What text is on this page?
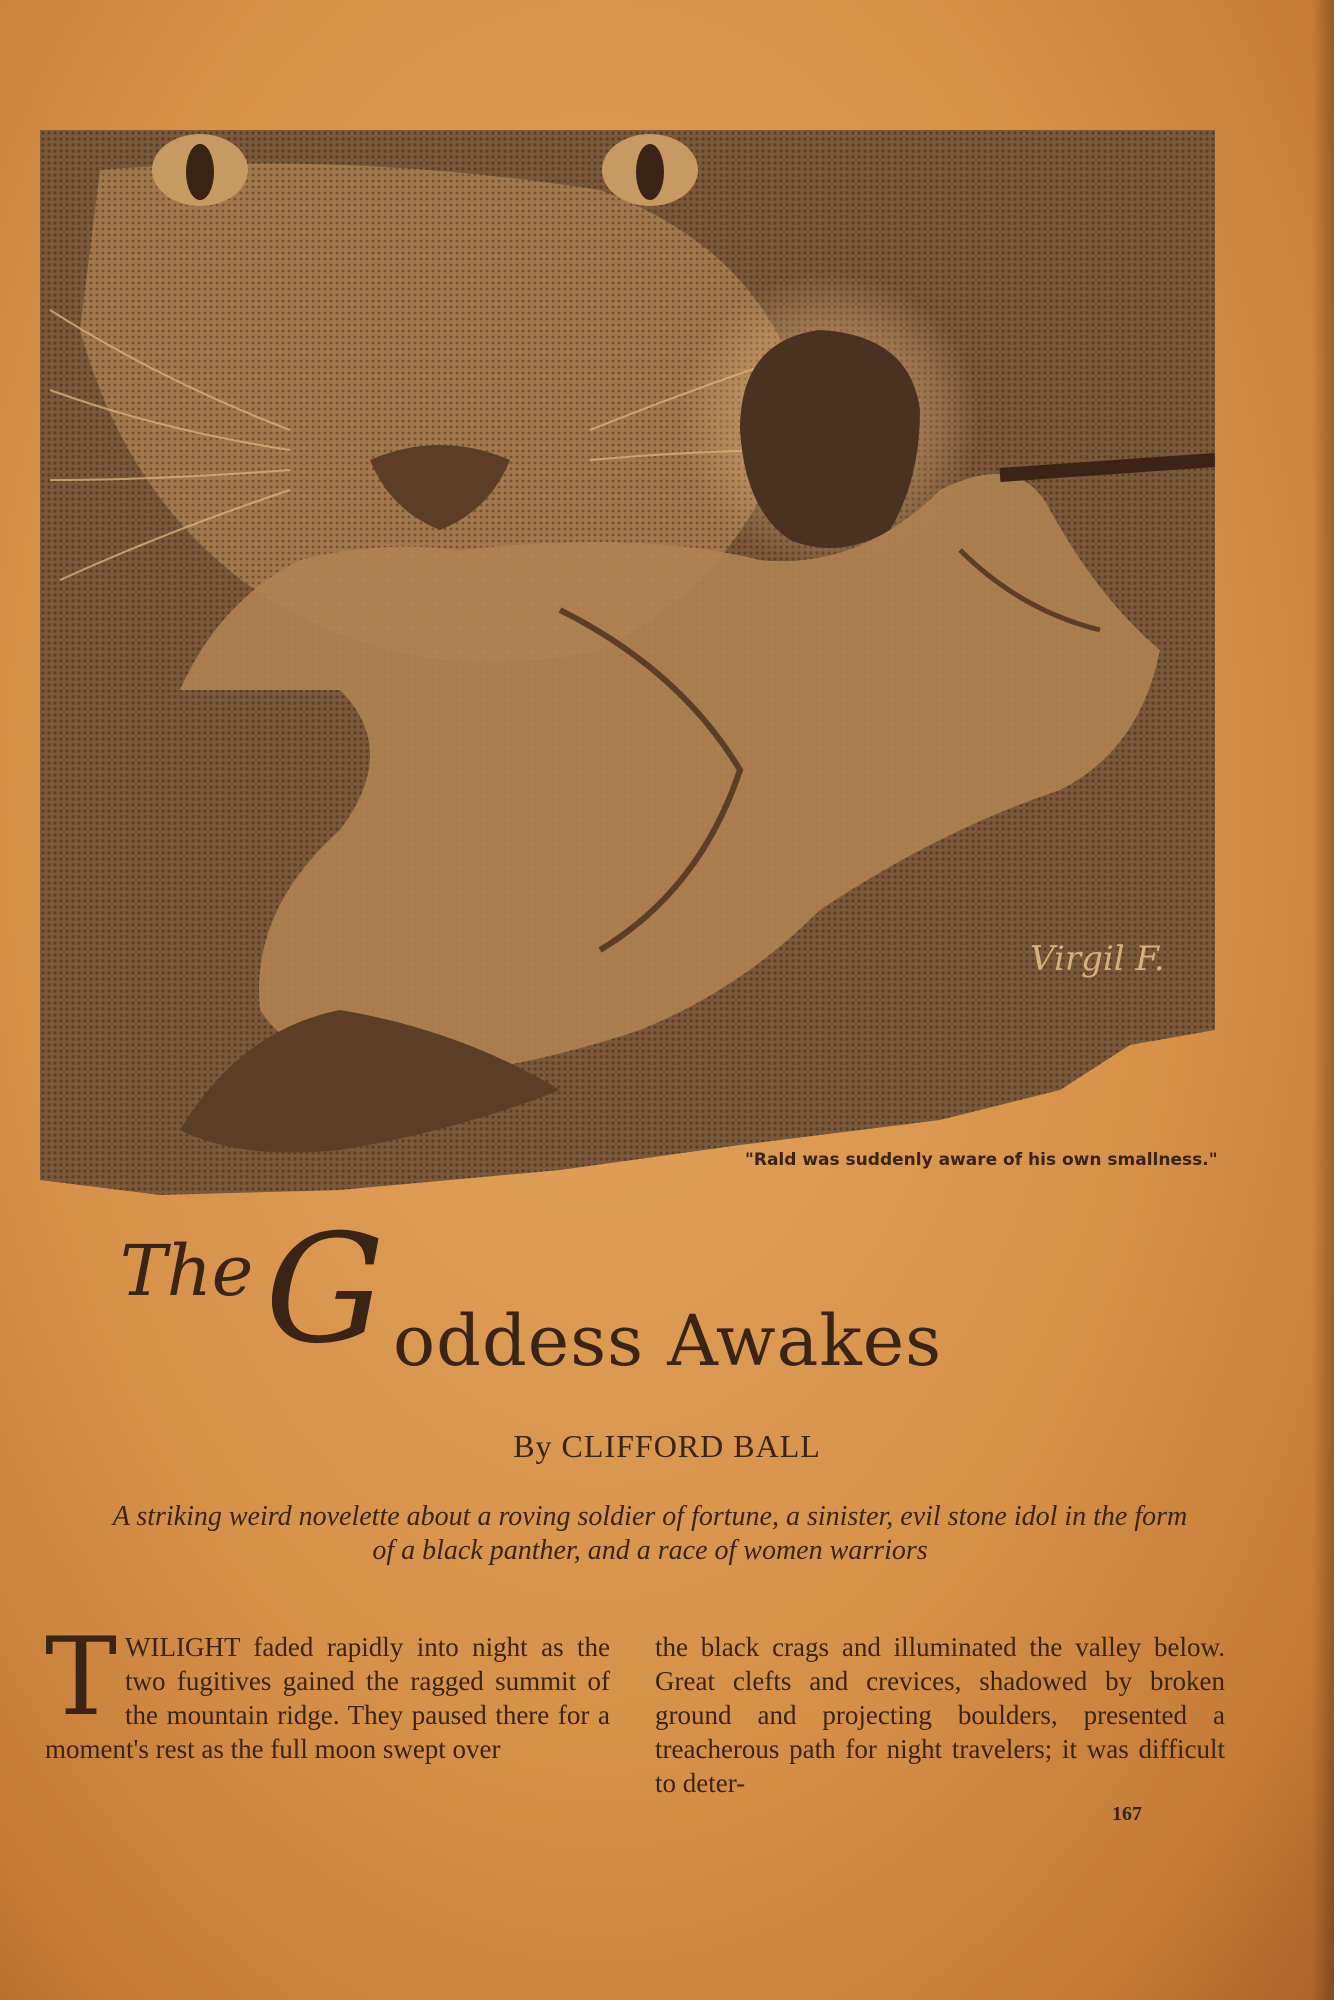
Virgil F.
"Rald was suddenly aware of his own smallness."
The G oddess Awakes
By CLIFFORD BALL
A striking weird novelette about a roving soldier of fortune, a sinister, evil stone idol in the form of a black panther, and a race of women warriors
T WILIGHT faded rapidly into night as the two fugitives gained the ragged summit of the mountain ridge. They paused there for a moment's rest as the full moon swept over
the black crags and illuminated the valley below. Great clefts and crevices, shadowed by broken ground and projecting boulders, presented a treacherous path for night travelers; it was difficult to deter-
167
